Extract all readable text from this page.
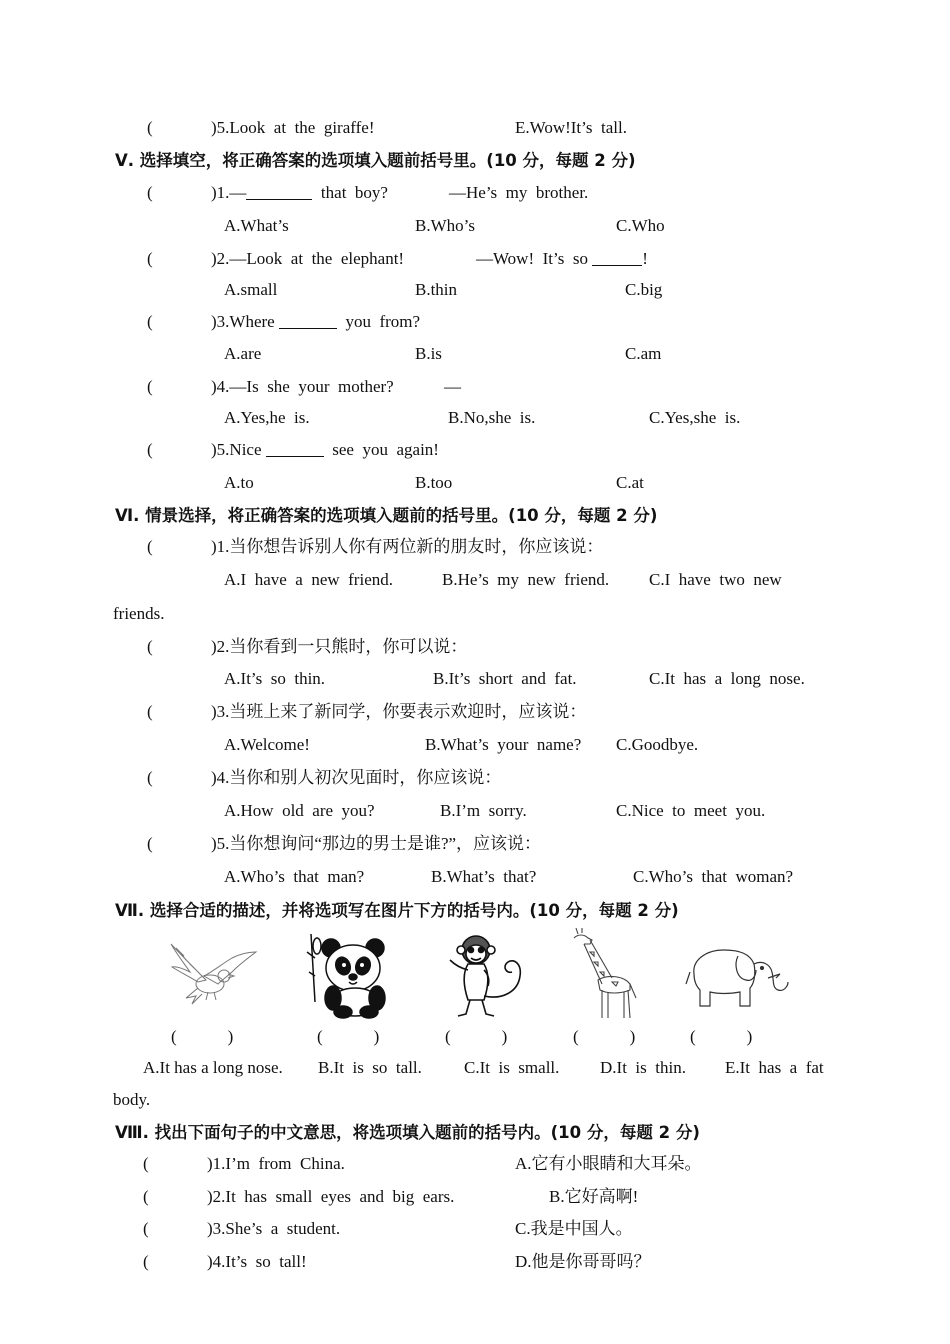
(	)5.Look  at  the  giraffe!	E.Wow!It’s  tall.
Ⅴ. 选择填空，将正确答案的选项填入题前括号里。(10 分，每题 2 分)
(	)1.—	that  boy?	—He’s  my  brother.
A.What’s	B.Who’s	C.Who
(	)2.—Look  at  the  elephant!	—Wow!  It’s  so	!
A.small	B.thin	C.big
(	)3.Where	you  from?
A.are	B.is	C.am
(	)4.—Is  she  your  mother?	—
A.Yes,he  is.	B.No,she  is.	C.Yes,she  is.
(	)5.Nice	see  you  again!
A.to	B.too	C.at
Ⅵ. 情景选择，将正确答案的选项填入题前的括号里。(10 分，每题 2 分)
(	)1.当你想告诉别人你有两位新的朋友时，你应该说：
A.I  have  a  new  friend.	B.He’s  my  new  friend. C.I  have  two  new
friends.
(	)2.当你看到一只熊时，你可以说：
A.It’s  so  thin.	B.It’s  short  and  fat.	C.It  has  a  long  nose.
(	)3.当班上来了新同学，你要表示欢迎时，应该说：
A.Welcome!	B.What’s  your  name? C.Goodbye.
(	)4.当你和别人初次见面时，你应该说：
A.How  old  are  you?	B.I’m  sorry.	C.Nice  to  meet  you.
(	)5.当你想询问“那边的男士是谁?”，应该说：
A.Who’s  that  man?	B.What’s  that?	C.Who’s  that  woman?
Ⅶ. 选择合适的描述，并将选项写在图片下方的括号内。(10 分，每题 2 分)
(            )	(            )	(            )	(            )	(            )
A.It has a long nose. B.It  is  so  tall. C.It  is  small. D.It  is  thin. E.It  has  a  fat
body.
Ⅷ. 找出下面句子的中文意思，将选项填入题前的括号内。(10 分，每题 2 分)
(	)1.I’m  from  China.	A.它有小眼睛和大耳朵。
(	)2.It  has  small  eyes  and  big  ears.	B.它好高啊!
(	)3.She’s  a  student.	C.我是中国人。
(	)4.It’s  so  tall!	D.他是你哥哥吗？
